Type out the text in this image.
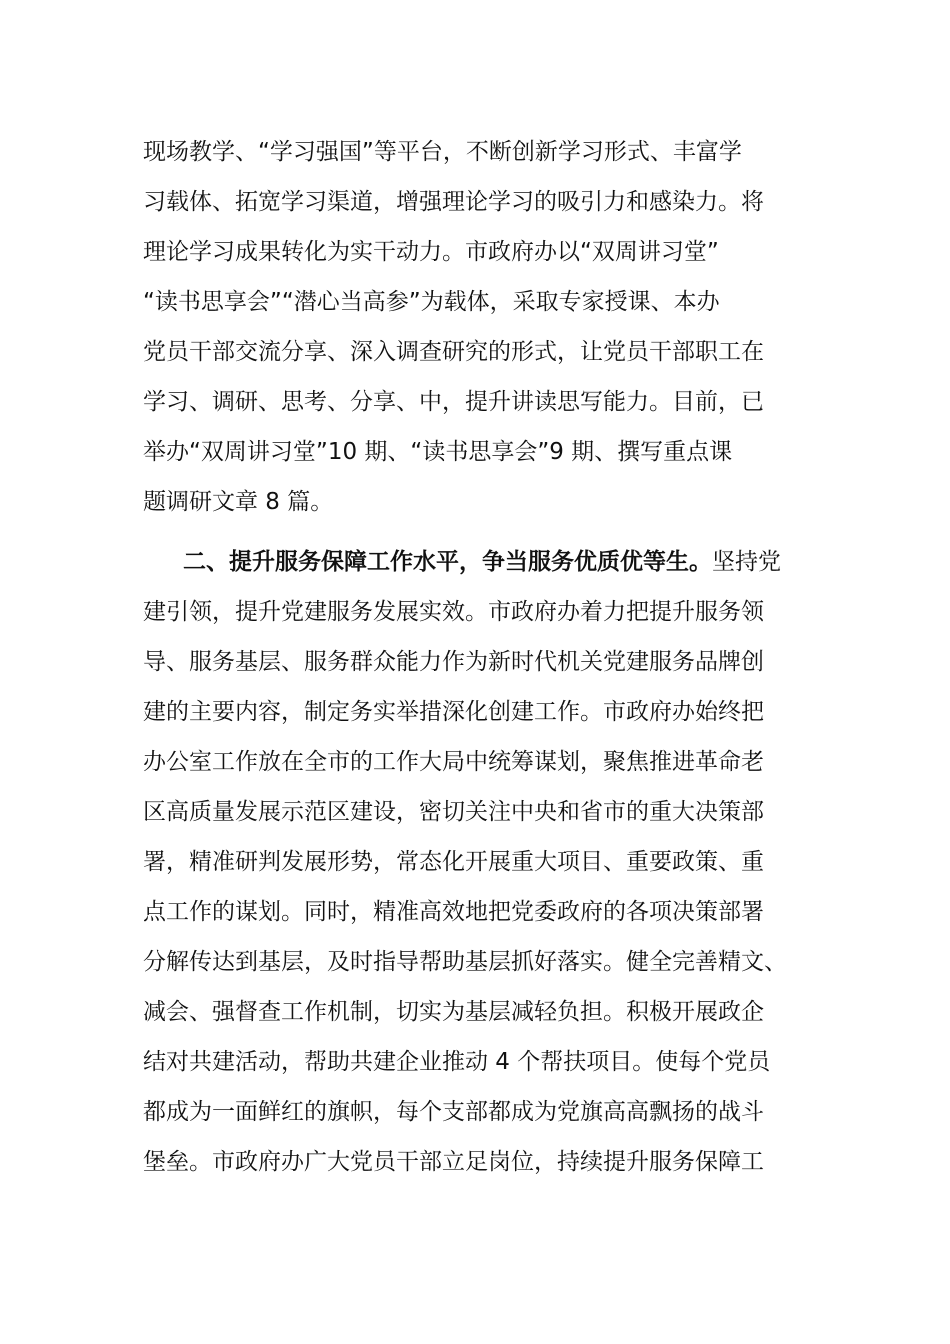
现场教学、“学习强国”等平台，不断创新学习形式、丰富学
习载体、拓宽学习渠道，增强理论学习的吸引力和感染力。将
理论学习成果转化为实干动力。市政府办以“双周讲习堂”
“读书思享会”“潜心当高参”为载体，采取专家授课、本办
党员干部交流分享、深入调查研究的形式，让党员干部职工在
学习、调研、思考、分享、中，提升讲读思写能力。目前，已
举办“双周讲习堂”10 期、“读书思享会”9 期、撰写重点课
题调研文章 8 篇。
二、提升服务保障工作水平，争当服务优质优等生。坚持党
建引领，提升党建服务发展实效。市政府办着力把提升服务领
导、服务基层、服务群众能力作为新时代机关党建服务品牌创
建的主要内容，制定务实举措深化创建工作。市政府办始终把
办公室工作放在全市的工作大局中统筹谋划，聚焦推进革命老
区高质量发展示范区建设，密切关注中央和省市的重大决策部
署，精准研判发展形势，常态化开展重大项目、重要政策、重
点工作的谋划。同时，精准高效地把党委政府的各项决策部署
分解传达到基层，及时指导帮助基层抓好落实。健全完善精文、
减会、强督查工作机制，切实为基层减轻负担。积极开展政企
结对共建活动，帮助共建企业推动 4 个帮扶项目。使每个党员
都成为一面鲜红的旗帜，每个支部都成为党旗高高飘扬的战斗
堡垒。市政府办广大党员干部立足岗位，持续提升服务保障工
